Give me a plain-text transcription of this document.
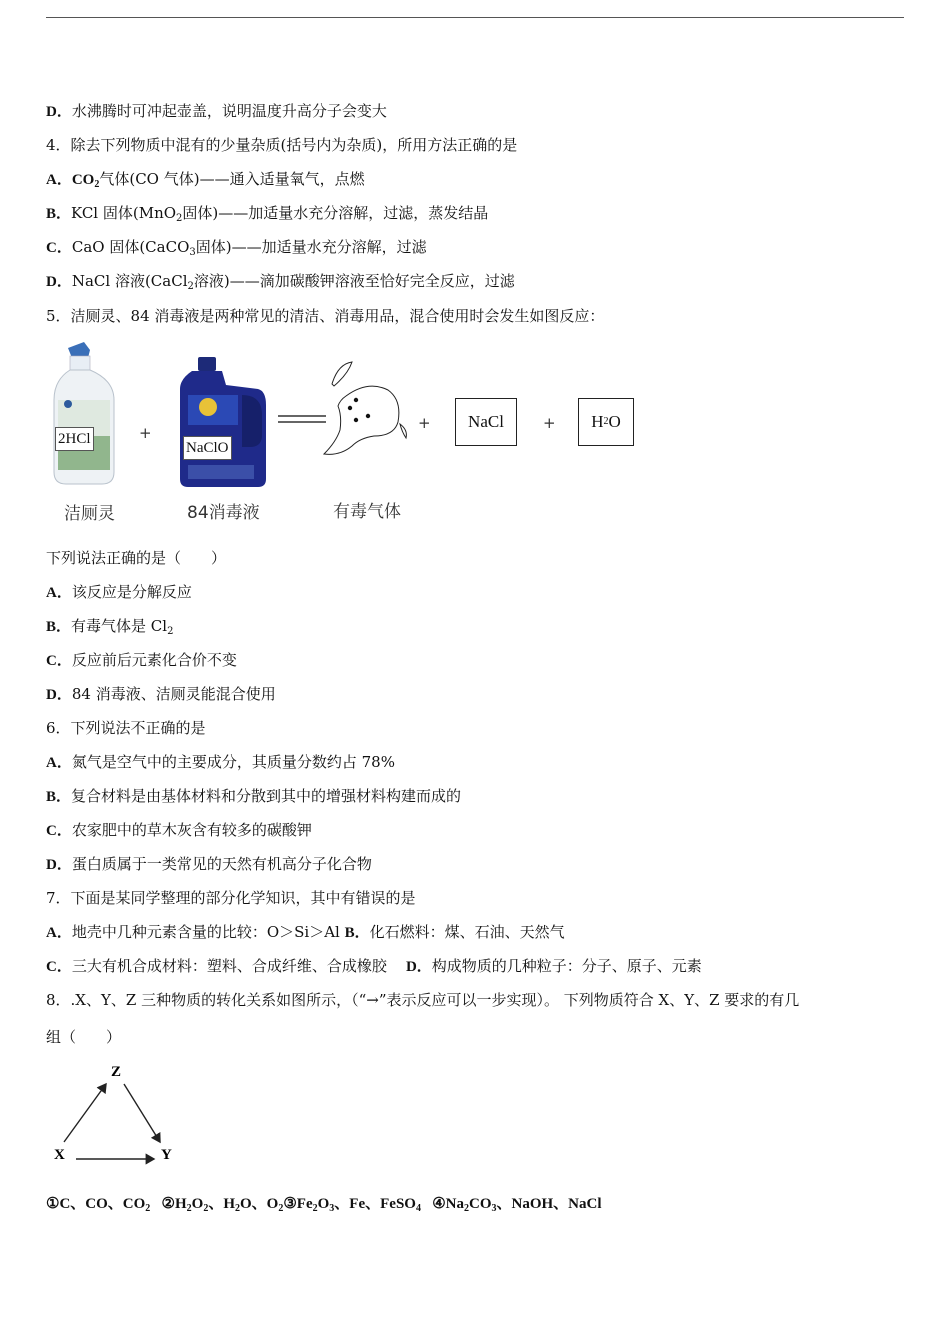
D．水沸腾时可冲起壶盖，说明温度升高分子会变大
4．除去下列物质中混有的少量杂质(括号内为杂质)，所用方法正确的是
A．$CO_2$气体(CO 气体)——通入适量氧气，点燃
B．KCl 固体(MnO$_2$固体)——加适量水充分溶解，过滤，蒸发结晶
C．CaO 固体(CaCO$_3$固体)——加适量水充分溶解，过滤
D．NaCl 溶液(CaCl$_2$溶液)——滴加碳酸钾溶液至恰好完全反应，过滤
5．洁厕灵、84 消毒液是两种常见的清洁、消毒用品，混合使用时会发生如图反应：
2HCl
洁厕灵
+
NaClO
84消毒液	有毒气体
+	NaCl	+ H 2 O
下列说法正确的是（　　）
A．该反应是分解反应
B．有毒气体是 $Cl_2$
C．反应前后元素化合价不变
D．84 消毒液、洁厕灵能混合使用
6．下列说法不正确的是
A．氮气是空气中的主要成分，其质量分数约占 78%
B．复合材料是由基体材料和分散到其中的增强材料构建而成的
C．农家肥中的草木灰含有较多的碳酸钾
D．蛋白质属于一类常见的天然有机高分子化合物
7．下面是某同学整理的部分化学知识，其中有错误的是
A．地壳中几种元素含量的比较：O＞Si＞Al B．化石燃料：煤、石油、天然气
C．三大有机合成材料：塑料、合成纤维、合成橡胶 D．构成物质的几种粒子：分子、原子、元素
8．.X、Y、Z 三种物质的转化关系如图所示，（“→”表示反应可以一步实现）。 下列物质符合 X、Y、Z 要求的有几
组（　　）
Z
X	Y
①C、CO、$CO_2$ $②H_2O_2$、$H_2O$、$O_2③Fe_2O_3$、Fe、FeSO$_4$ $④Na_2CO_3$、NaOH、NaCl
